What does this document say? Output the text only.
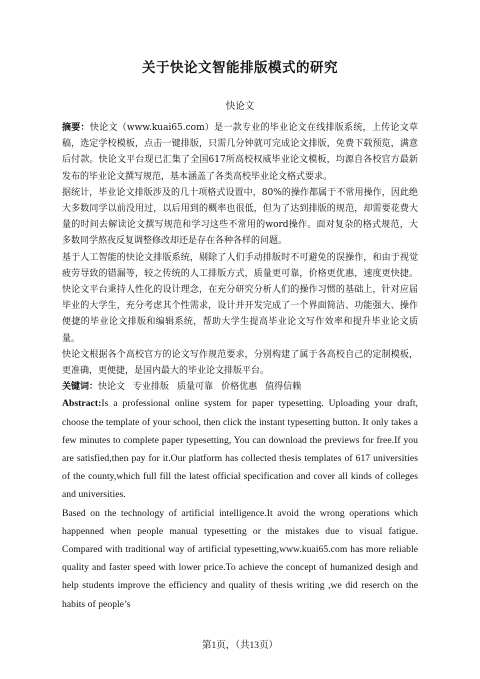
关于快论文智能排版模式的研究
快论文

摘要：快论文（www.kuai65.com）是一款专业的毕业论文在线排版系统，上传论文草稿，选定学校模板，点击一键排版，只需几分钟就可完成论文排版，免费下载预览，满意后付款。快论文平台现已汇集了全国617所高校权威毕业论文模板，均源自各校官方最新发布的毕业论文撰写规范，基本涵盖了各类高校毕业论文格式要求。

据统计，毕业论文排版涉及的几十项格式设置中，80%的操作都属于不常用操作，因此绝大多数同学以前没用过，以后用到的概率也很低，但为了达到排版的规范，却需要花费大量的时间去解读论文撰写规范和学习这些不常用的word操作。面对复杂的格式规范，大多数同学熬夜反复调整修改却还是存在各种各样的问题。

基于人工智能的快论文排版系统，剔除了人们手动排版时不可避免的误操作，和由于视觉疲劳导致的错漏等，较之传统的人工排版方式，质量更可靠，价格更优惠，速度更快捷。快论文平台秉持人性化的设计理念，在充分研究分析人们的操作习惯的基础上，针对应届毕业的大学生，充分考虑其个性需求，设计并开发完成了一个界面简洁、功能强大、操作便捷的毕业论文排版和编辑系统，帮助大学生提高毕业论文写作效率和提升毕业论文质量。

快论文根据各个高校官方的论文写作规范要求，分别构建了属于各高校自己的定制模板，更准确，更便捷，是国内最大的毕业论文排版平台。

关键词：快论文 专业排版 质量可靠 价格优惠 值得信赖

Abstract:Is a professional online system for paper typesetting. Uploading your draft, choose the template of your school, then click the instant typesetting button. It only takes a few minutes to complete paper typesetting, You can download the previews for free.If you are satisfied,then pay for it.Our platform has collected thesis templates of 617 universities of the county,which full fill the latest official specification and cover all kinds of colleges and universities.

Based on the technology of artificial intelligence.It avoid the wrong operations which happenned when people manual typesetting or the mistakes due to visual fatigue. Compared with traditional way of artificial typesetting,www.kuai65.com has more reliable quality and faster speed with lower price.To achieve the concept of humanized desigh and help students improve the efficiency and quality of thesis writing ,we did reserch on the habits of people’s

第1页，（共13页）
